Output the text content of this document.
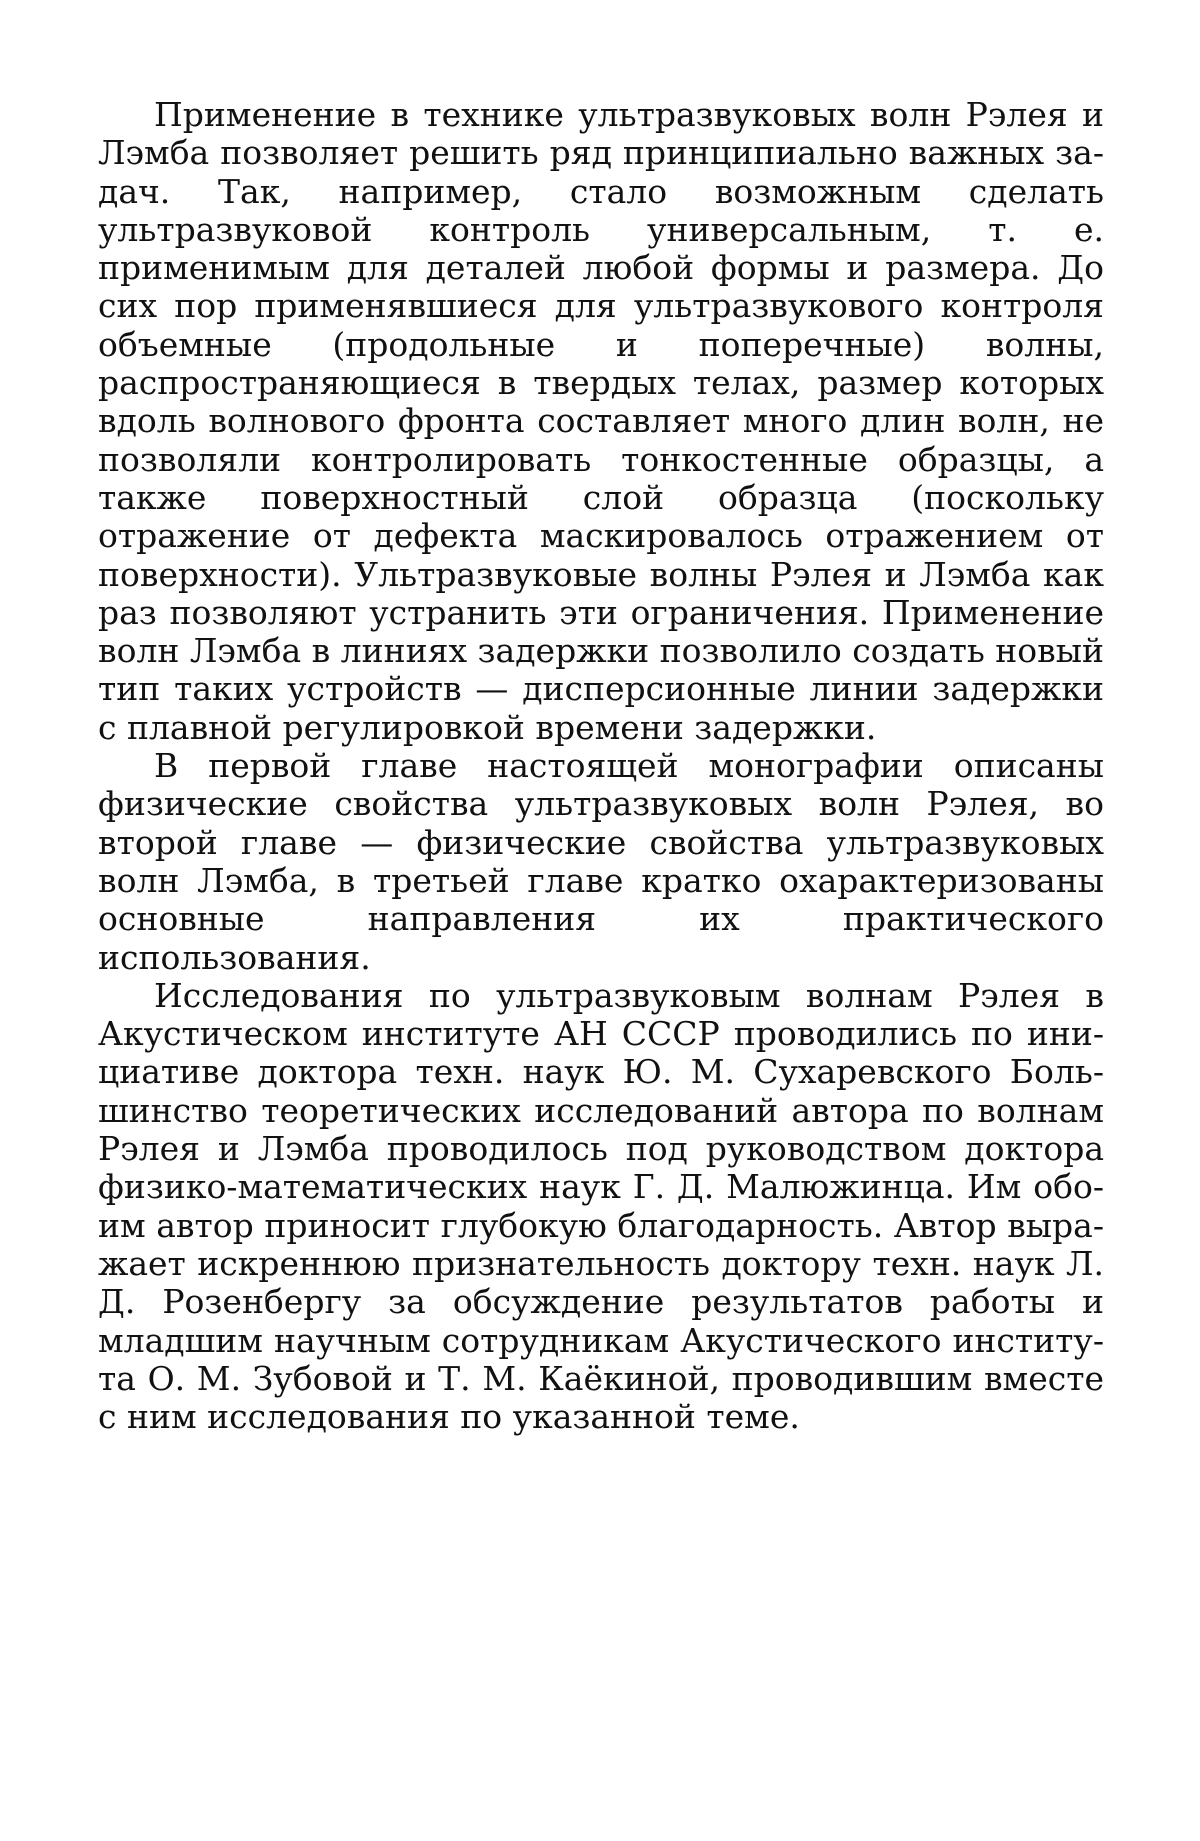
Применение в технике ультразвуковых волн Рэлея и Лэмба позволяет решить ряд принципиально важных задач. Так, например, стало возможным сделать ультразвуковой контроль универсальным, т. е. применимым для деталей любой формы и размера. До сих пор применявшиеся для ультразвукового контроля объемные (продольные и поперечные) волны, распространяющиеся в твердых телах, размер которых вдоль волнового фронта составляет много длин волн, не позволяли контролировать тонкостенные образцы, а также поверхностный слой образца (поскольку отражение от дефекта маскировалось отражением от поверхности). Ультразвуковые волны Рэлея и Лэмба как раз позволяют устранить эти ограничения. Применение волн Лэмба в линиях задержки позволило создать новый тип таких устройств — дисперсионные линии задержки с плавной регулировкой времени задержки.

В первой главе настоящей монографии описаны физические свойства ультразвуковых волн Рэлея, во второй главе — физические свойства ультразвуковых волн Лэмба, в третьей главе кратко охарактеризованы основные направления их практического использования.

Исследования по ультразвуковым волнам Рэлея в Акустическом институте АН СССР проводились по инициативе доктора техн. наук Ю. М. Сухаревского Большинство теоретических исследований автора по волнам Рэлея и Лэмба проводилось под руководством доктора физико-математических наук Г. Д. Малюжинца. Им обоим автор приносит глубокую благодарность. Автор выражает искреннюю признательность доктору техн. наук Л. Д. Розенбергу за обсуждение результатов работы и младшим научным сотрудникам Акустического института О. М. Зубовой и Т. М. Каёкиной, проводившим вместе с ним исследования по указанной теме.
